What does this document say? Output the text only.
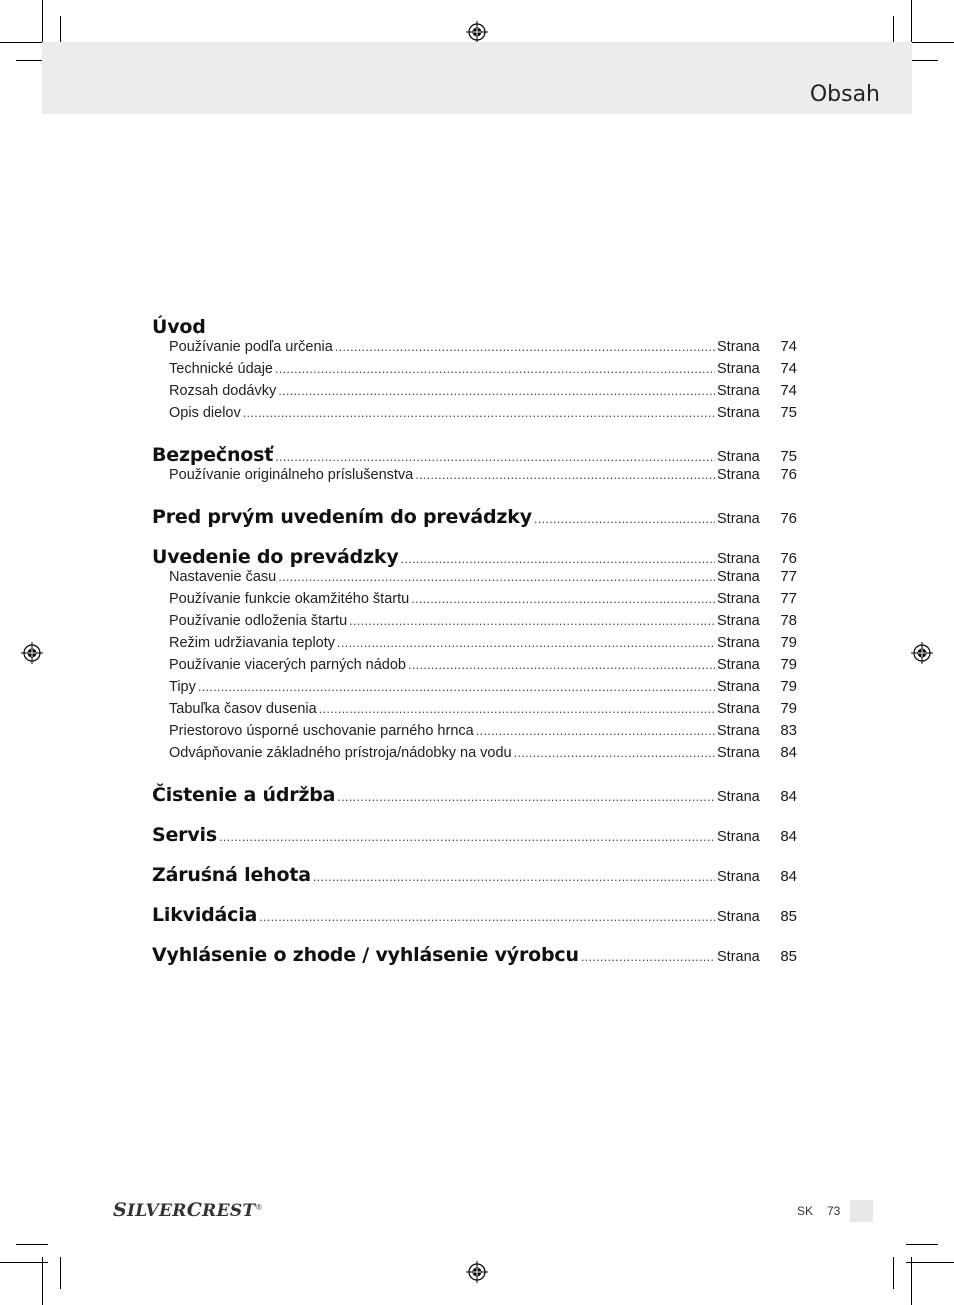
Obsah
Úvod
Používanie podľa určenia .....	Strana	74
Technické údaje .....	Strana	74
Rozsah dodávky .....	Strana	74
Opis dielov .....	Strana	75
Bezpečnosť .....	Strana	75
Používanie originálneho príslušenstva .....	Strana	76
Pred prvým uvedením do prevádzky .....	Strana	76
Uvedenie do prevádzky .....	Strana	76
Nastavenie času .....	Strana	77
Používanie funkcie okamžitého štartu .....	Strana	77
Používanie odloženia štartu .....	Strana	78
Režim udržiavania teploty .....	Strana	79
Používanie viacerých parných nádob .....	Strana	79
Tipy .....	Strana	79
Tabuľka časov dusenia .....	Strana	79
Priestorovo úsporné uschovanie parného hrnca .....	Strana	83
Odvápňovanie základného prístroja/nádobky na vodu .....	Strana	84
Čistenie a údržba .....	Strana	84
Servis .....	Strana	84
Záruśná lehota .....	Strana	84
Likvidácia .....	Strana	85
Vyhlásenie o zhode / vyhlásenie výrobcu .....	Strana	85
SILVERCREST®	SK 73
